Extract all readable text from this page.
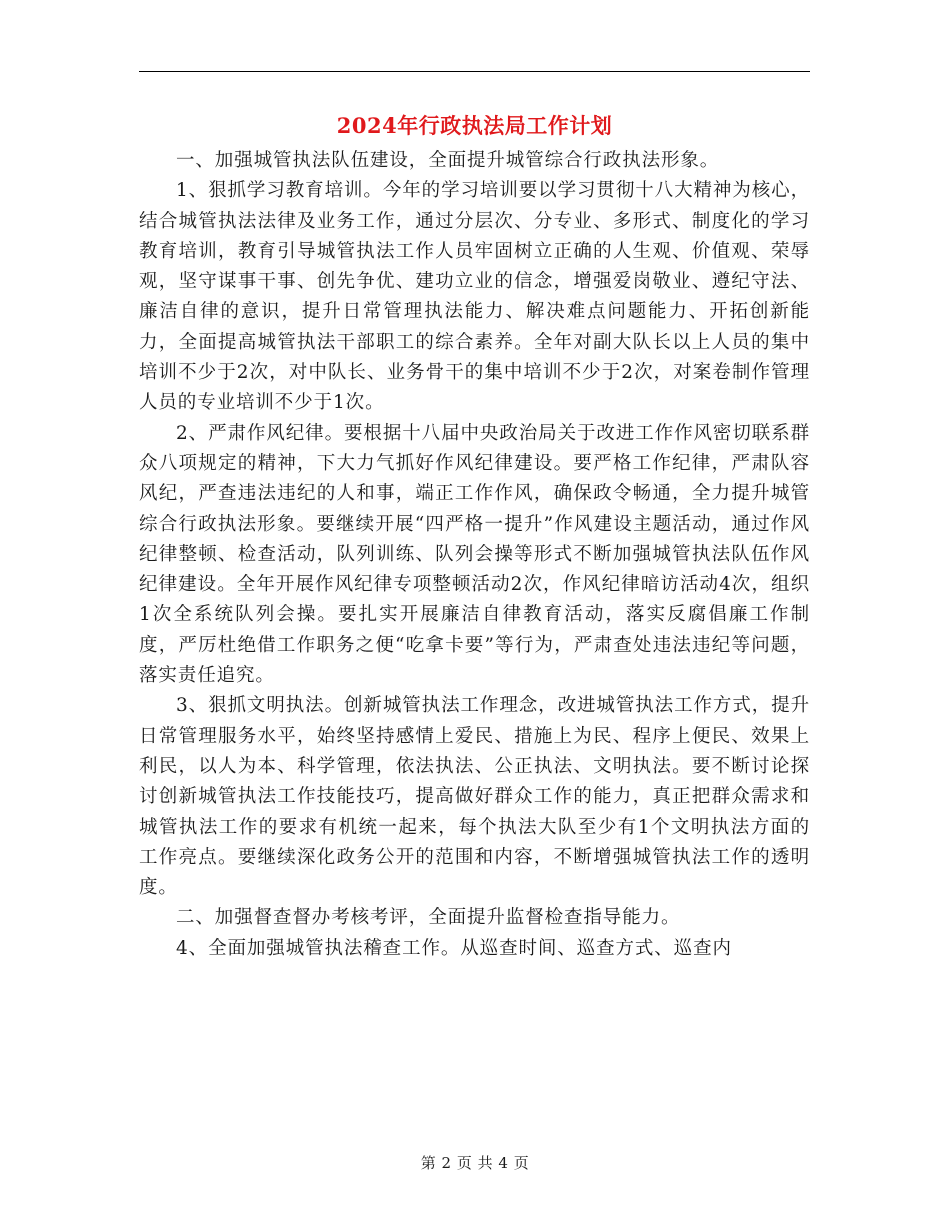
2024年行政执法局工作计划

一、加强城管执法队伍建设，全面提升城管综合行政执法形象。

1、狠抓学习教育培训。今年的学习培训要以学习贯彻十八大精神为核心，结合城管执法法律及业务工作，通过分层次、分专业、多形式、制度化的学习教育培训，教育引导城管执法工作人员牢固树立正确的人生观、价值观、荣辱观，坚守谋事干事、创先争优、建功立业的信念，增强爱岗敬业、遵纪守法、廉洁自律的意识，提升日常管理执法能力、解决难点问题能力、开拓创新能力，全面提高城管执法干部职工的综合素养。全年对副大队长以上人员的集中培训不少于2次，对中队长、业务骨干的集中培训不少于2次，对案卷制作管理人员的专业培训不少于1次。

2、严肃作风纪律。要根据十八届中央政治局关于改进工作作风密切联系群众八项规定的精神，下大力气抓好作风纪律建设。要严格工作纪律，严肃队容风纪，严查违法违纪的人和事，端正工作作风，确保政令畅通，全力提升城管综合行政执法形象。要继续开展“四严格一提升”作风建设主题活动，通过作风纪律整顿、检查活动，队列训练、队列会操等形式不断加强城管执法队伍作风纪律建设。全年开展作风纪律专项整顿活动2次，作风纪律暗访活动4次，组织1次全系统队列会操。要扎实开展廉洁自律教育活动，落实反腐倡廉工作制度，严厉杜绝借工作职务之便“吃拿卡要”等行为，严肃查处违法违纪等问题，落实责任追究。

3、狠抓文明执法。创新城管执法工作理念，改进城管执法工作方式，提升日常管理服务水平，始终坚持感情上爱民、措施上为民、程序上便民、效果上利民，以人为本、科学管理，依法执法、公正执法、文明执法。要不断讨论探讨创新城管执法工作技能技巧，提高做好群众工作的能力，真正把群众需求和城管执法工作的要求有机统一起来，每个执法大队至少有1个文明执法方面的工作亮点。要继续深化政务公开的范围和内容，不断增强城管执法工作的透明度。

二、加强督查督办考核考评，全面提升监督检查指导能力。

4、全面加强城管执法稽查工作。从巡查时间、巡查方式、巡查内

第 2 页 共 4 页
